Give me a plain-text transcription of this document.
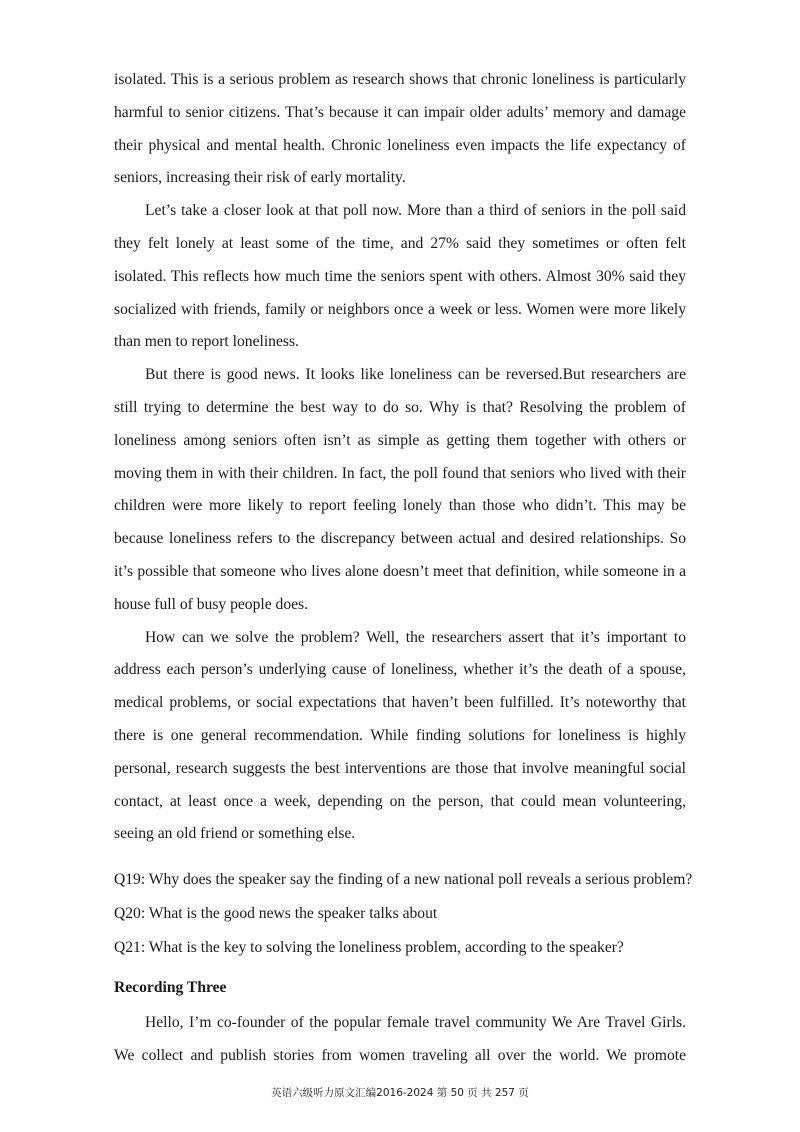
isolated. This is a serious problem as research shows that chronic loneliness is particularly harmful to senior citizens. That’s because it can impair older adults’ memory and damage their physical and mental health. Chronic loneliness even impacts the life expectancy of seniors, increasing their risk of early mortality.

Let’s take a closer look at that poll now. More than a third of seniors in the poll said they felt lonely at least some of the time, and 27% said they sometimes or often felt isolated. This reflects how much time the seniors spent with others. Almost 30% said they socialized with friends, family or neighbors once a week or less. Women were more likely than men to report loneliness.

But there is good news. It looks like loneliness can be reversed.But researchers are still trying to determine the best way to do so. Why is that? Resolving the problem of loneliness among seniors often isn’t as simple as getting them together with others or moving them in with their children. In fact, the poll found that seniors who lived with their children were more likely to report feeling lonely than those who didn’t. This may be because loneliness refers to the discrepancy between actual and desired relationships. So it’s possible that someone who lives alone doesn’t meet that definition, while someone in a house full of busy people does.

How can we solve the problem? Well, the researchers assert that it’s important to address each person’s underlying cause of loneliness, whether it’s the death of a spouse, medical problems, or social expectations that haven’t been fulfilled. It’s noteworthy that there is one general recommendation. While finding solutions for loneliness is highly personal, research suggests the best interventions are those that involve meaningful social contact, at least once a week, depending on the person, that could mean volunteering, seeing an old friend or something else.

Q19: Why does the speaker say the finding of a new national poll reveals a serious problem?

Q20: What is the good news the speaker talks about

Q21: What is the key to solving the loneliness problem, according to the speaker?

Recording Three

Hello, I’m co-founder of the popular female travel community We Are Travel Girls. We collect and publish stories from women traveling all over the world. We promote

英语六级听力原文汇编2016-2024 第 50 页 共 257 页
